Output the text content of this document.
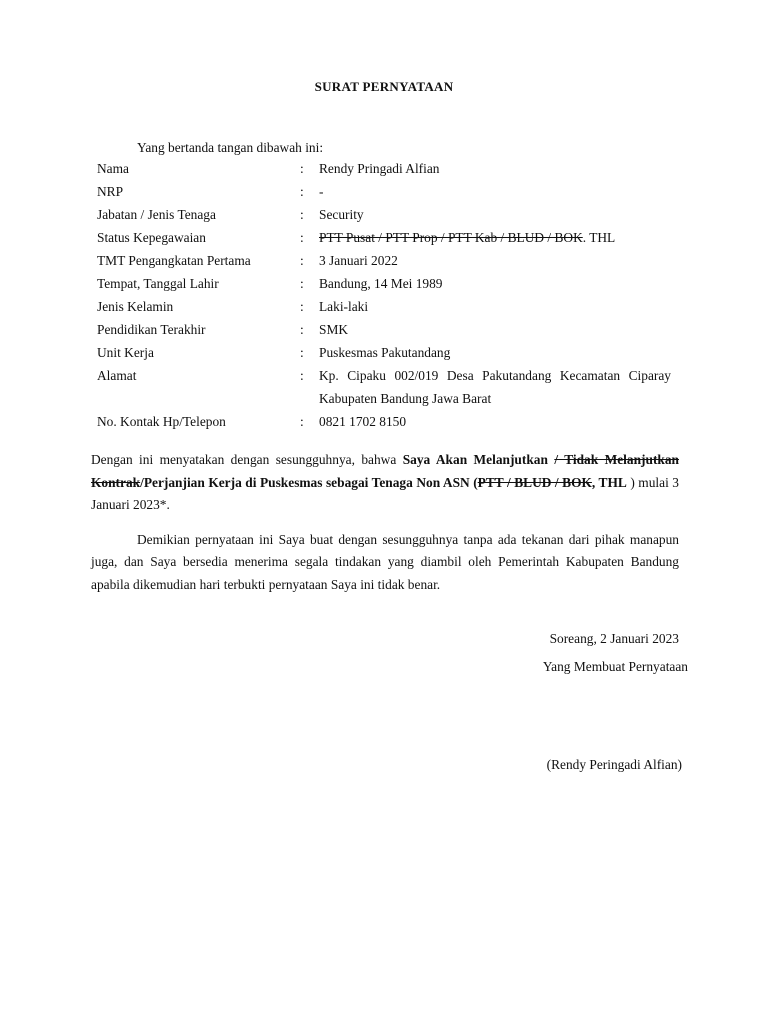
SURAT PERNYATAAN
Yang bertanda tangan dibawah ini:
Nama	:	Rendy Pringadi Alfian
NRP	:	-
Jabatan / Jenis Tenaga	:	Security
Status Kepegawaian	:	PTT Pusat / PTT Prop / PTT Kab / BLUD / BOK. THL
TMT Pengangkatan Pertama	:	3 Januari 2022
Tempat, Tanggal Lahir	:	Bandung, 14 Mei 1989
Jenis Kelamin	:	Laki-laki
Pendidikan Terakhir	:	SMK
Unit Kerja	:	Puskesmas Pakutandang
Alamat	:	Kp. Cipaku 002/019 Desa Pakutandang Kecamatan Ciparay Kabupaten Bandung Jawa Barat
No. Kontak Hp/Telepon	:	0821 1702 8150

Dengan ini menyatakan dengan sesungguhnya, bahwa Saya Akan Melanjutkan / Tidak Melanjutkan Kontrak/Perjanjian Kerja di Puskesmas sebagai Tenaga Non ASN (PTT / BLUD / BOK, THL ) mulai 3 Januari 2023*.

Demikian pernyataan ini Saya buat dengan sesungguhnya tanpa ada tekanan dari pihak manapun juga, dan Saya bersedia menerima segala tindakan yang diambil oleh Pemerintah Kabupaten Bandung apabila dikemudian hari terbukti pernyataan Saya ini tidak benar.

Soreang, 2 Januari 2023
Yang Membuat Pernyataan
(Rendy Peringadi Alfian)
